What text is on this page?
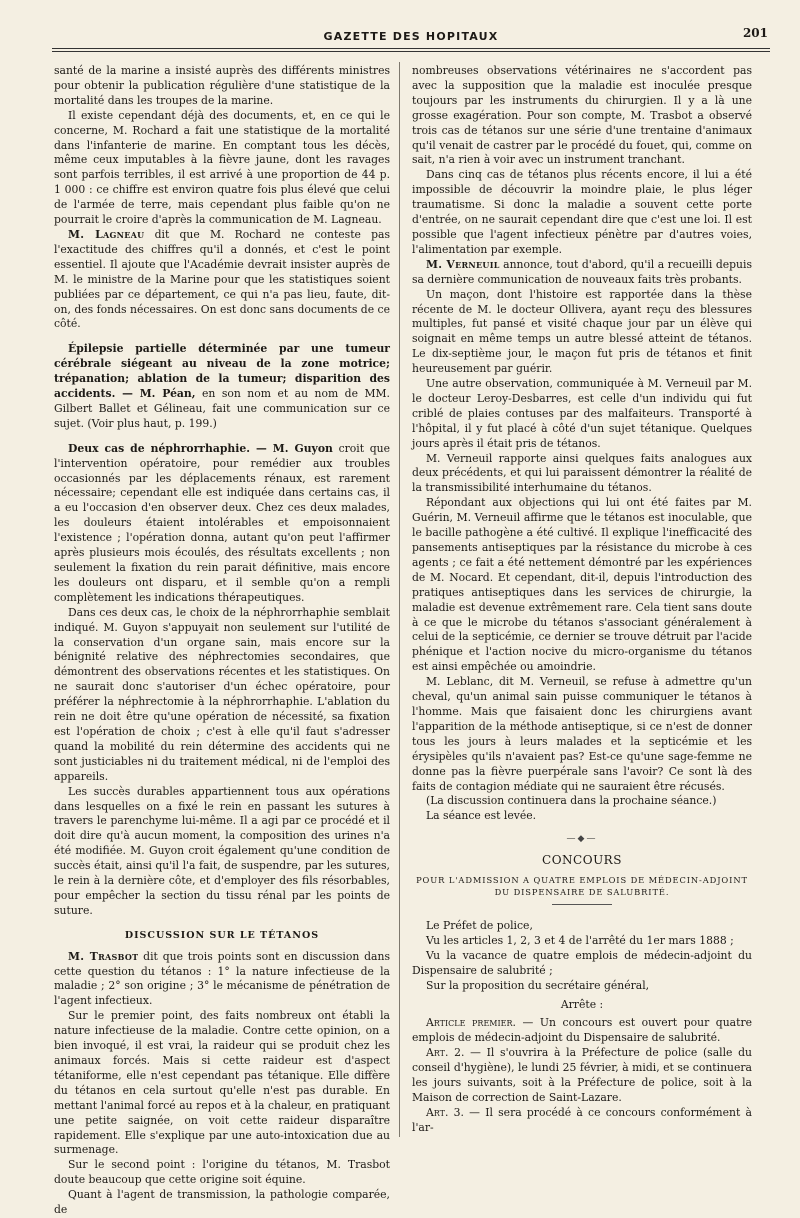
GAZETTE DES HOPITAUX	201

santé de la marine a insisté auprès des différents ministres pour obtenir la publication régulière d'une statistique de la mortalité dans les troupes de la marine.

Il existe cependant déjà des documents, et, en ce qui le concerne, M. Rochard a fait une statistique de la mortalité dans l'infanterie de marine. En comptant tous les décès, même ceux imputables à la fièvre jaune, dont les ravages sont parfois terribles, il est arrivé à une proportion de 44 p. 1 000 : ce chiffre est environ quatre fois plus élevé que celui de l'armée de terre, mais cependant plus faible qu'on ne pourrait le croire d'après la communication de M. Lagneau.

M. Lagneau dit que M. Rochard ne conteste pas l'exactitude des chiffres qu'il a donnés, et c'est le point essentiel. Il ajoute que l'Académie devrait insister auprès de M. le ministre de la Marine pour que les statistiques soient publiées par ce département, ce qui n'a pas lieu, faute, dit-on, des fonds nécessaires. On est donc sans documents de ce côté.

Épilepsie partielle déterminée par une tumeur cérébrale siégeant au niveau de la zone motrice; trépanation; ablation de la tumeur; disparition des accidents. — M. Péan, en son nom et au nom de MM. Gilbert Ballet et Gélineau, fait une communication sur ce sujet. (Voir plus haut, p. 199.)

Deux cas de néphrorrhaphie. — M. Guyon croit que l'intervention opératoire, pour remédier aux troubles occasionnés par les déplacements rénaux, est rarement nécessaire; cependant elle est indiquée dans certains cas, il a eu l'occasion d'en observer deux. Chez ces deux malades, les douleurs étaient intolérables et empoisonnaient l'existence ; l'opération donna, autant qu'on peut l'affirmer après plusieurs mois écoulés, des résultats excellents ; non seulement la fixation du rein parait définitive, mais encore les douleurs ont disparu, et il semble qu'on a rempli complètement les indications thérapeutiques.

Dans ces deux cas, le choix de la néphrorrhaphie semblait indiqué. M. Guyon s'appuyait non seulement sur l'utilité de la conservation d'un organe sain, mais encore sur la bénignité relative des néphrectomies secondaires, que démontrent des observations récentes et les statistiques. On ne saurait donc s'autoriser d'un échec opératoire, pour préférer la néphrectomie à la néphrorrhaphie. L'ablation du rein ne doit être qu'une opération de nécessité, sa fixation est l'opération de choix ; c'est à elle qu'il faut s'adresser quand la mobilité du rein détermine des accidents qui ne sont justiciables ni du traitement médical, ni de l'emploi des appareils.

Les succès durables appartiennent tous aux opérations dans lesquelles on a fixé le rein en passant les sutures à travers le parenchyme lui-même. Il a agi par ce procédé et il doit dire qu'à aucun moment, la composition des urines n'a été modifiée. M. Guyon croit également qu'une condition de succès était, ainsi qu'il l'a fait, de suspendre, par les sutures, le rein à la dernière côte, et d'employer des fils résorbables, pour empêcher la section du tissu rénal par les points de suture.

DISCUSSION SUR LE TÉTANOS

M. Trasbot dit que trois points sont en discussion dans cette question du tétanos : 1° la nature infectieuse de la maladie ; 2° son origine ; 3° le mécanisme de pénétration de l'agent infectieux.

Sur le premier point, des faits nombreux ont établi la nature infectieuse de la maladie. Contre cette opinion, on a bien invoqué, il est vrai, la raideur qui se produit chez les animaux forcés. Mais si cette raideur est d'aspect tétaniforme, elle n'est cependant pas tétanique. Elle diffère du tétanos en cela surtout qu'elle n'est pas durable. En mettant l'animal forcé au repos et à la chaleur, en pratiquant une petite saignée, on voit cette raideur disparaître rapidement. Elle s'explique par une auto-intoxication due au surmenage.

Sur le second point : l'origine du tétanos, M. Trasbot doute beaucoup que cette origine soit équine.

Quant à l'agent de transmission, la pathologie comparée, de

nombreuses observations vétérinaires ne s'accordent pas avec la supposition que la maladie est inoculée presque toujours par les instruments du chirurgien. Il y a là une grosse exagération. Pour son compte, M. Trasbot a observé trois cas de tétanos sur une série d'une trentaine d'animaux qu'il venait de castrer par le procédé du fouet, qui, comme on sait, n'a rien à voir avec un instrument tranchant.

Dans cinq cas de tétanos plus récents encore, il lui a été impossible de découvrir la moindre plaie, le plus léger traumatisme. Si donc la maladie a souvent cette porte d'entrée, on ne saurait cependant dire que c'est une loi. Il est possible que l'agent infectieux pénètre par d'autres voies, l'alimentation par exemple.

M. Verneuil annonce, tout d'abord, qu'il a recueilli depuis sa dernière communication de nouveaux faits très probants.

Un maçon, dont l'histoire est rapportée dans la thèse récente de M. le docteur Ollivera, ayant reçu des blessures multiples, fut pansé et visité chaque jour par un élève qui soignait en même temps un autre blessé atteint de tétanos. Le dix-septième jour, le maçon fut pris de tétanos et finit heureusement par guérir.

Une autre observation, communiquée à M. Verneuil par M. le docteur Leroy-Desbarres, est celle d'un individu qui fut criblé de plaies contuses par des malfaiteurs. Transporté à l'hôpital, il y fut placé à côté d'un sujet tétanique. Quelques jours après il était pris de tétanos.

M. Verneuil rapporte ainsi quelques faits analogues aux deux précédents, et qui lui paraissent démontrer la réalité de la transmissibilité interhumaine du tétanos.

Répondant aux objections qui lui ont été faites par M. Guérin, M. Verneuil affirme que le tétanos est inoculable, que le bacille pathogène a été cultivé. Il explique l'inefficacité des pansements antiseptiques par la résistance du microbe à ces agents ; ce fait a été nettement démontré par les expériences de M. Nocard. Et cependant, dit-il, depuis l'introduction des pratiques antiseptiques dans les services de chirurgie, la maladie est devenue extrêmement rare. Cela tient sans doute à ce que le microbe du tétanos s'associant généralement à celui de la septicémie, ce dernier se trouve détruit par l'acide phénique et l'action nocive du micro-organisme du tétanos est ainsi empêchée ou amoindrie.

M. Leblanc, dit M. Verneuil, se refuse à admettre qu'un cheval, qu'un animal sain puisse communiquer le tétanos à l'homme. Mais que faisaient donc les chirurgiens avant l'apparition de la méthode antiseptique, si ce n'est de donner tous les jours à leurs malades et la septicémie et les érysipèles qu'ils n'avaient pas? Est-ce qu'une sage-femme ne donne pas la fièvre puerpérale sans l'avoir? Ce sont là des faits de contagion médiate qui ne sauraient être récusés.

(La discussion continuera dans la prochaine séance.)

La séance est levée.

—◆—
CONCOURS
POUR L'ADMISSION A QUATRE EMPLOIS DE MÉDECIN-ADJOINT
DU DISPENSAIRE DE SALUBRITÉ.

Le Préfet de police,

Vu les articles 1, 2, 3 et 4 de l'arrêté du 1er mars 1888 ;

Vu la vacance de quatre emplois de médecin-adjoint du Dispensaire de salubrité ;

Sur la proposition du secrétaire général,

Arrête :

Article premier. — Un concours est ouvert pour quatre emplois de médecin-adjoint du Dispensaire de salubrité.

Art. 2. — Il s'ouvrira à la Préfecture de police (salle du conseil d'hygiène), le lundi 25 février, à midi, et se continuera les jours suivants, soit à la Préfecture de police, soit à la Maison de correction de Saint-Lazare.

Art. 3. — Il sera procédé à ce concours conformément à l'ar-
